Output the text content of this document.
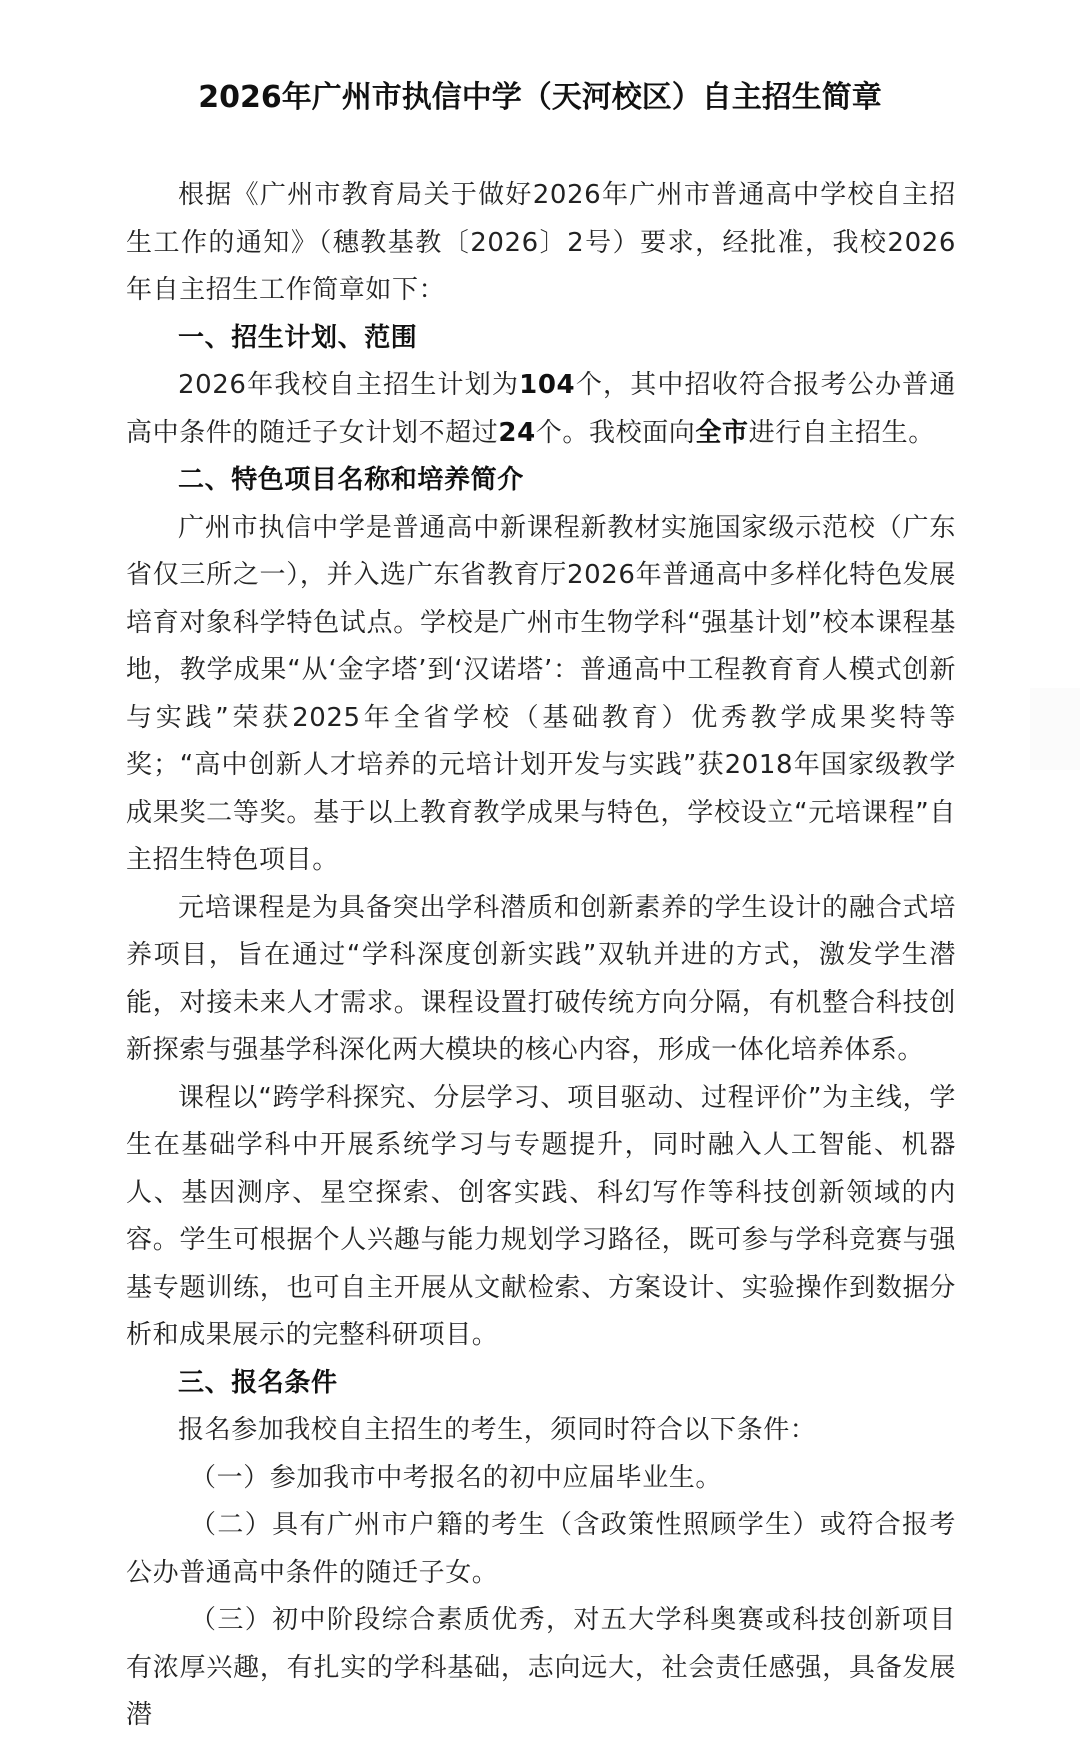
2026年广州市执信中学（天河校区）自主招生简章

根据《广州市教育局关于做好2026年广州市普通高中学校自主招生工作的通知》（穗教基教〔2026〕2号）要求，经批准，我校2026年自主招生工作简章如下：

一、招生计划、范围

2026年我校自主招生计划为104个，其中招收符合报考公办普通高中条件的随迁子女计划不超过24个。我校面向全市进行自主招生。

二、特色项目名称和培养简介

广州市执信中学是普通高中新课程新教材实施国家级示范校（广东省仅三所之一），并入选广东省教育厅2026年普通高中多样化特色发展培育对象科学特色试点。学校是广州市生物学科“强基计划”校本课程基地，教学成果“从‘金字塔’到‘汉诺塔’：普通高中工程教育育人模式创新与实践”荣获2025年全省学校（基础教育）优秀教学成果奖特等奖；“高中创新人才培养的元培计划开发与实践”获2018年国家级教学成果奖二等奖。基于以上教育教学成果与特色，学校设立“元培课程”自主招生特色项目。

元培课程是为具备突出学科潜质和创新素养的学生设计的融合式培养项目，旨在通过“学科深度创新实践”双轨并进的方式，激发学生潜能，对接未来人才需求。课程设置打破传统方向分隔，有机整合科技创新探索与强基学科深化两大模块的核心内容，形成一体化培养体系。

课程以“跨学科探究、分层学习、项目驱动、过程评价”为主线，学生在基础学科中开展系统学习与专题提升，同时融入人工智能、机器人、基因测序、星空探索、创客实践、科幻写作等科技创新领域的内容。学生可根据个人兴趣与能力规划学习路径，既可参与学科竞赛与强基专题训练，也可自主开展从文献检索、方案设计、实验操作到数据分析和成果展示的完整科研项目。

三、报名条件

报名参加我校自主招生的考生，须同时符合以下条件：

（一）参加我市中考报名的初中应届毕业生。

（二）具有广州市户籍的考生（含政策性照顾学生）或符合报考公办普通高中条件的随迁子女。

（三）初中阶段综合素质优秀，对五大学科奥赛或科技创新项目有浓厚兴趣，有扎实的学科基础，志向远大，社会责任感强，具备发展潜
